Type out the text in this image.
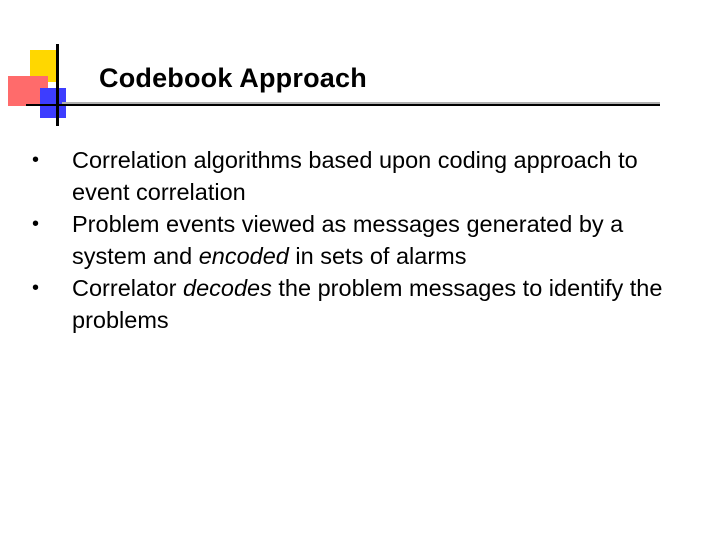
Codebook Approach
• Correlation algorithms based upon coding approach to event correlation
• Problem events viewed as messages generated by a system and encoded in sets of alarms
• Correlator decodes the problem messages to identify the problems
